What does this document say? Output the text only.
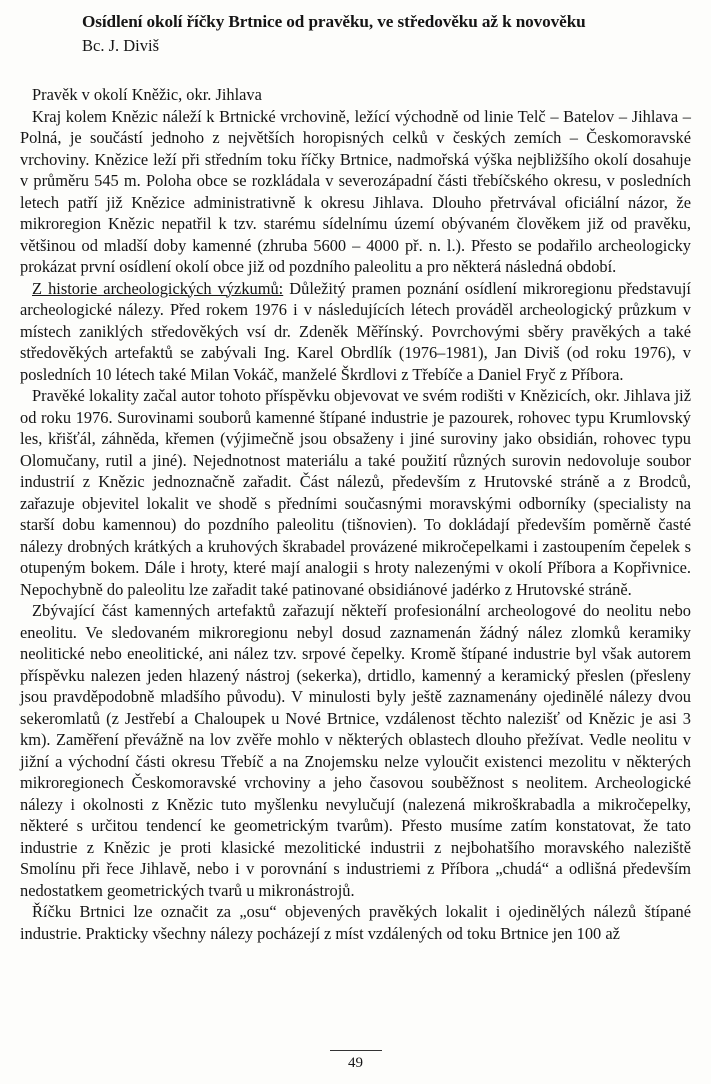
Osídlení okolí říčky Brtnice od pravěku, ve středověku až k novověku
Bc. J. Diviš

Pravěk v okolí Kněžic, okr. Jihlava

Kraj kolem Knězic náleží k Brtnické vrchovině, ležící východně od linie Telč – Batelov – Jihlava – Polná, je součástí jednoho z největších horopisných celků v českých zemích – Českomoravské vrchoviny. Knězice leží při středním toku říčky Brtnice, nadmořská výška nejbližšího okolí dosahuje v průměru 545 m. Poloha obce se rozkládala v severozápadní části třebíčského okresu, v posledních letech patří již Knězice administrativně k okresu Jihlava. Dlouho přetrvával oficiální názor, že mikroregion Knězic nepatřil k tzv. starému sídelnímu území obývaném člověkem již od pravěku, většinou od mladší doby kamenné (zhruba 5600 – 4000 př. n. l.). Přesto se podařilo archeologicky prokázat první osídlení okolí obce již od pozdního paleolitu a pro některá následná období.

Z historie archeologických výzkumů: Důležitý pramen poznání osídlení mikroregionu představují archeologické nálezy. Před rokem 1976 i v následujících létech prováděl archeologický průzkum v místech zaniklých středověkých vsí dr. Zdeněk Měřínský. Povrchovými sběry pravěkých a také středověkých artefaktů se zabývali Ing. Karel Obrdlík (1976–1981), Jan Diviš (od roku 1976), v posledních 10 létech také Milan Vokáč, manželé Škrdlovi z Třebíče a Daniel Fryč z Příbora.

Pravěké lokality začal autor tohoto příspěvku objevovat ve svém rodišti v Knězicích, okr. Jihlava již od roku 1976. Surovinami souborů kamenné štípané industrie je pazourek, rohovec typu Krumlovský les, křišťál, záhněda, křemen (výjimečně jsou obsaženy i jiné suroviny jako obsidián, rohovec typu Olomučany, rutil a jiné). Nejednotnost materiálu a také použití různých surovin nedovoluje soubor industrií z Knězic jednoznačně zařadit. Část nálezů, především z Hrutovské stráně a z Brodců, zařazuje objevitel lokalit ve shodě s předními současnými moravskými odborníky (specialisty na starší dobu kamennou) do pozdního paleolitu (tišnovien). To dokládají především poměrně časté nálezy drobných krátkých a kruhových škrabadel provázené mikročepelkami i zastoupením čepelek s otupeným bokem. Dále i hroty, které mají analogii s hroty nalezenými v okolí Příbora a Kopřivnice. Nepochybně do paleolitu lze zařadit také patinované obsidiánové jadérko z Hrutovské stráně.

Zbývající část kamenných artefaktů zařazují někteří profesionální archeologové do neolitu nebo eneolitu. Ve sledovaném mikroregionu nebyl dosud zaznamenán žádný nález zlomků keramiky neolitické nebo eneolitické, ani nález tzv. srpové čepelky. Kromě štípané industrie byl však autorem příspěvku nalezen jeden hlazený nástroj (sekerka), drtidlo, kamenný a keramický přeslen (přesleny jsou pravděpodobně mladšího původu). V minulosti byly ještě zaznamenány ojedinělé nálezy dvou sekeromlatů (z Jestřebí a Chaloupek u Nové Brtnice, vzdálenost těchto nalezišť od Knězic je asi 3 km). Zaměření převážně na lov zvěře mohlo v některých oblastech dlouho přežívat. Vedle neolitu v jižní a východní části okresu Třebíč a na Znojemsku nelze vyloučit existenci mezolitu v některých mikroregionech Českomoravské vrchoviny a jeho časovou souběžnost s neolitem. Archeologické nálezy i okolnosti z Knězic tuto myšlenku nevylučují (nalezená mikroškrabadla a mikročepelky, některé s určitou tendencí ke geometrickým tvarům). Přesto musíme zatím konstatovat, že tato industrie z Knězic je proti klasické mezolitické industrii z nejbohatšího moravského naleziště Smolínu při řece Jihlavě, nebo i v porovnání s industriemi z Příbora „chudá“ a odlišná především nedostatkem geometrických tvarů u mikronástrojů.

Říčku Brtnici lze označit za „osu“ objevených pravěkých lokalit i ojedinělých nálezů štípané industrie. Prakticky všechny nálezy pocházejí z míst vzdálených od toku Brtnice jen 100 až

49
